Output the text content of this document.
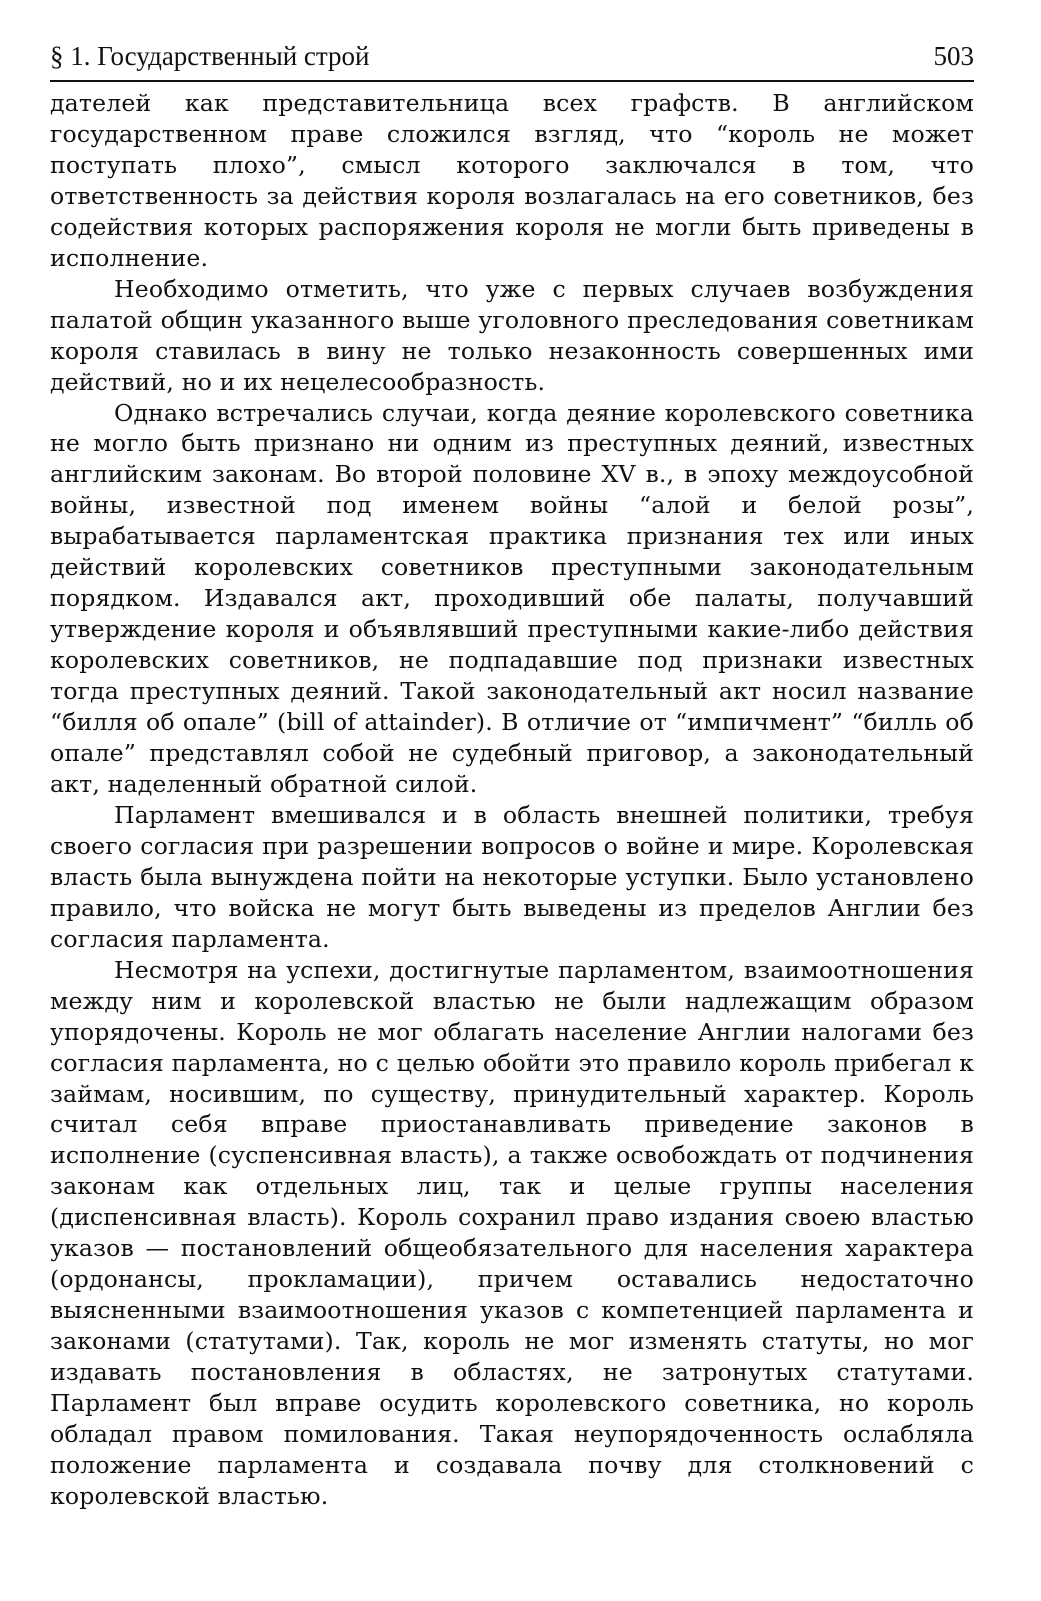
§ 1. Государственный строй	503

дателей как представительница всех графств. В английском государственном праве сложился взгляд, что “король не может поступать плохо”, смысл которого заключался в том, что ответственность за действия короля возлагалась на его советников, без содействия которых распоряжения короля не могли быть приведены в исполнение.

Необходимо отметить, что уже с первых случаев возбуждения палатой общин указанного выше уголовного преследования советникам короля ставилась в вину не только незаконность совершенных ими действий, но и их нецелесообразность.

Однако встречались случаи, когда деяние королевского советника не могло быть признано ни одним из преступных деяний, известных английским законам. Во второй половине XV в., в эпоху междоусобной войны, известной под именем войны “алой и белой розы”, вырабатывается парламентская практика признания тех или иных действий королевских советников преступными законодательным порядком. Издавался акт, проходивший обе палаты, получавший утверждение короля и объявлявший преступными какие-либо действия королевских советников, не подпадавшие под признаки известных тогда преступных деяний. Такой законодательный акт носил название “билля об опале” (bill of attainder). В отличие от “импичмент” “билль об опале” представлял собой не судебный приговор, а законодательный акт, наделенный обратной силой.

Парламент вмешивался и в область внешней политики, требуя своего согласия при разрешении вопросов о войне и мире. Королевская власть была вынуждена пойти на некоторые уступки. Было установлено правило, что войска не могут быть выведены из пределов Англии без согласия парламента.

Несмотря на успехи, достигнутые парламентом, взаимоотношения между ним и королевской властью не были надлежащим образом упорядочены. Король не мог облагать население Англии налогами без согласия парламента, но с целью обойти это правило король прибегал к займам, носившим, по существу, принудительный характер. Король считал себя вправе приостанавливать приведение законов в исполнение (суспенсивная власть), а также освобождать от подчинения законам как отдельных лиц, так и целые группы населения (диспенсивная власть). Король сохранил право издания своею властью указов — постановлений общеобязательного для населения характера (ордонансы, прокламации), причем оставались недостаточно выясненными взаимоотношения указов с компетенцией парламента и законами (статутами). Так, король не мог изменять статуты, но мог издавать постановления в областях, не затронутых статутами. Парламент был вправе осудить королевского советника, но король обладал правом помилования. Такая неупорядоченность ослабляла положение парламента и создавала почву для столкновений с королевской властью.
